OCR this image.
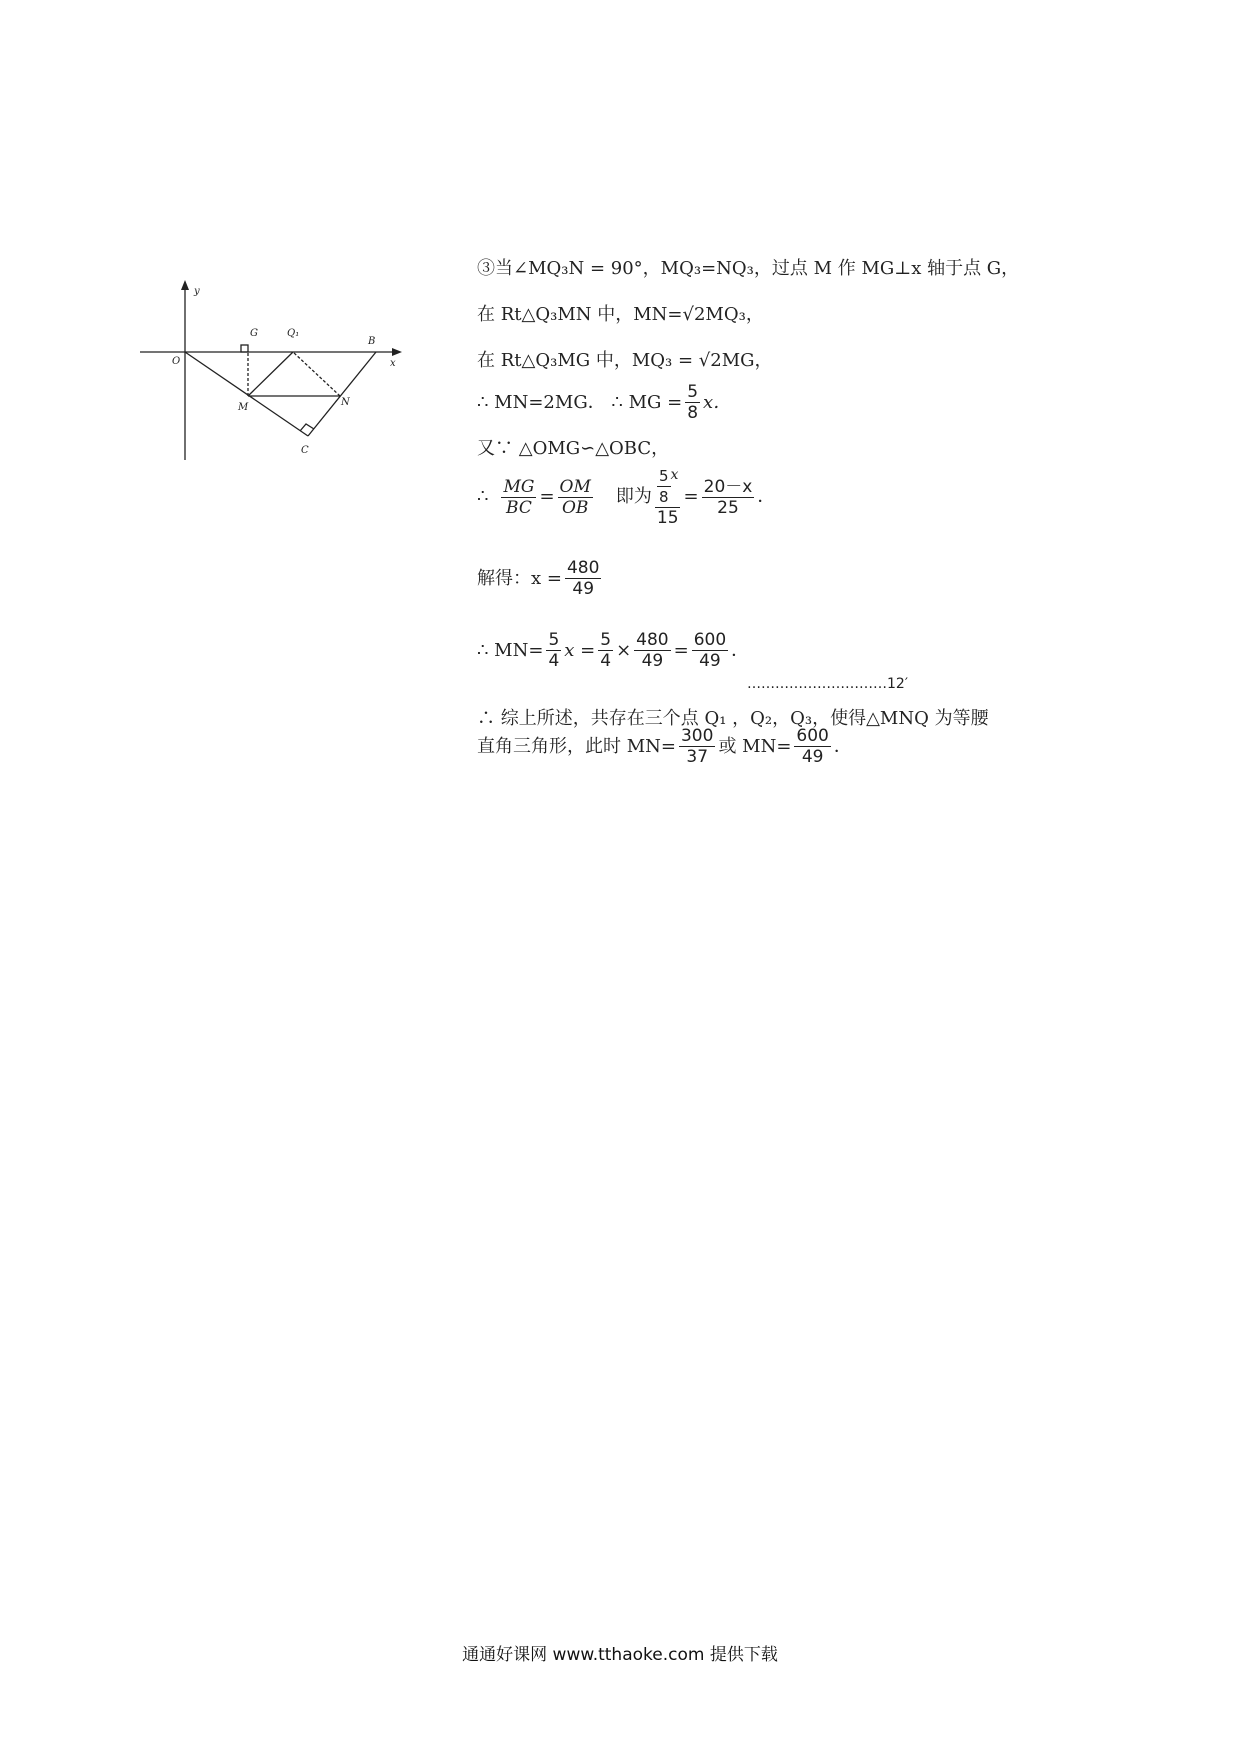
y
x
O
G	Q₁
B
M	N
C
③当∠MQ₃N = 90°，MQ₃=NQ₃，过点 M 作 MG⊥x 轴于点 G，
在 Rt△Q₃MN 中，MN=√2MQ₃，
在 Rt△Q₃MG 中，MQ₃ = √2MG，
∴ MN=2MG． ∴ MG = $\frac{5}{8}$ x．
又∵ △OMG∽△OBC，
∴ $\frac{MG}{BC} = \frac{OM}{OB}$ 即为 $\frac{\frac{5}{8} x}{15} = \frac{20-x}{25}$ ．
解得：$x = \frac{480}{49}$
∴ $MN= \frac{5}{4}$ $x = \frac{5}{4} \times \frac{480}{49} = \frac{600}{49}$ ．
…………………………12′
∴ 综上所述，共存在三个点 Q₁ ，Q₂，Q₃，使得△MNQ 为等腰
直角三角形，此时 $MN= \frac{300}{37}$ 或 $MN= \frac{600}{49}$ ．
通通好课网 www.tthaoke.com 提供下载
